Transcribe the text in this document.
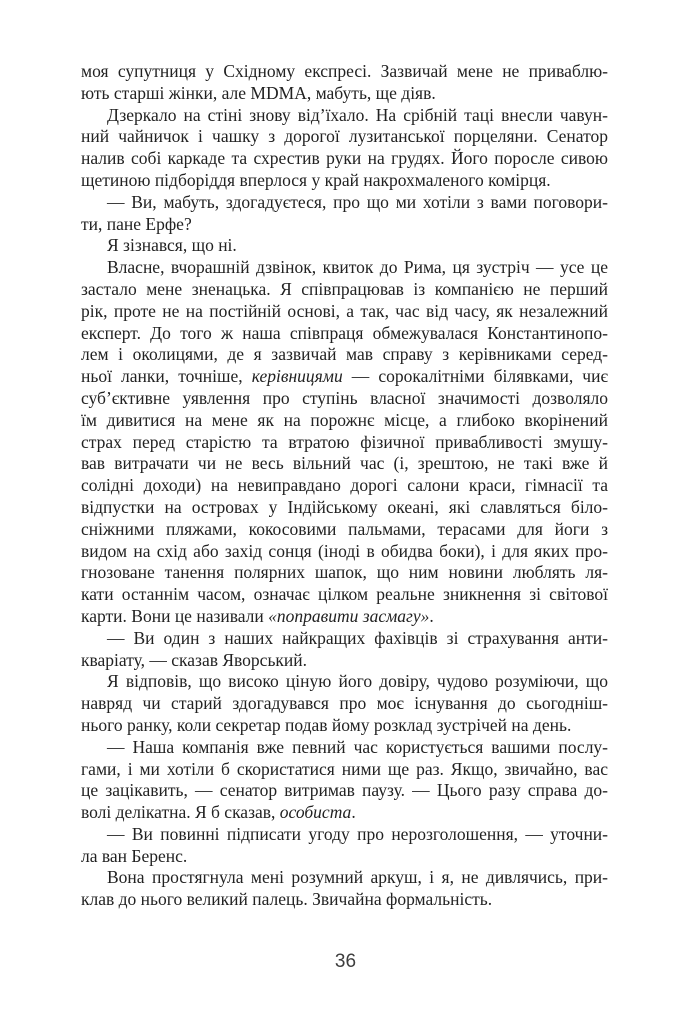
моя супутниця у Східному експресі. Зазвичай мене не приваблю-
ють старші жінки, але MDMA, мабуть, ще діяв.
Дзеркало на стіні знову від’їхало. На срібній таці внесли чавун-
ний чайничок і чашку з дорогої лузитанської порцеляни. Сенатор
налив собі каркаде та схрестив руки на грудях. Його поросле сивою
щетиною підборіддя вперлося у край накрохмаленого комірця.
— Ви, мабуть, здогадуєтеся, про що ми хотіли з вами поговори-
ти, пане Ерфе?
Я зізнався, що ні.
Власне, вчорашній дзвінок, квиток до Рима, ця зустріч — усе це
застало мене зненацька. Я співпрацював із компанією не перший
рік, проте не на постійній основі, а так, час від часу, як незалежний
експерт. До того ж наша співпраця обмежувалася Константинопо-
лем і околицями, де я зазвичай мав справу з керівниками серед-
ньої ланки, точніше, керівницями — сорокалітніми білявками, чиє
суб’єктивне уявлення про ступінь власної значимості дозволяло
їм дивитися на мене як на порожнє місце, а глибоко вкорінений
страх перед старістю та втратою фізичної привабливості змушу-
вав витрачати чи не весь вільний час (і, зрештою, не такі вже й
солідні доходи) на невиправдано дорогі салони краси, гімнасії та
відпустки на островах у Індійському океані, які славляться біло-
сніжними пляжами, кокосовими пальмами, терасами для йоги з
видом на схід або захід сонця (іноді в обидва боки), і для яких про-
гнозоване танення полярних шапок, що ним новини люблять ля-
кати останнім часом, означає цілком реальне зникнення зі світової
карти. Вони це називали «поправити засмагу».
— Ви один з наших найкращих фахівців зі страхування анти-
кваріату, — сказав Яворський.
Я відповів, що високо ціную його довіру, чудово розуміючи, що
навряд чи старий здогадувався про моє існування до сьогодніш-
нього ранку, коли секретар подав йому розклад зустрічей на день.
— Наша компанія вже певний час користується вашими послу-
гами, і ми хотіли б скористатися ними ще раз. Якщо, звичайно, вас
це зацікавить, — сенатор витримав паузу. — Цього разу справа до-
волі делікатна. Я б сказав, особиста.
— Ви повинні підписати угоду про нерозголошення, — уточни-
ла ван Беренс.
Вона простягнула мені розумний аркуш, і я, не дивлячись, при-
клав до нього великий палець. Звичайна формальність.
36
